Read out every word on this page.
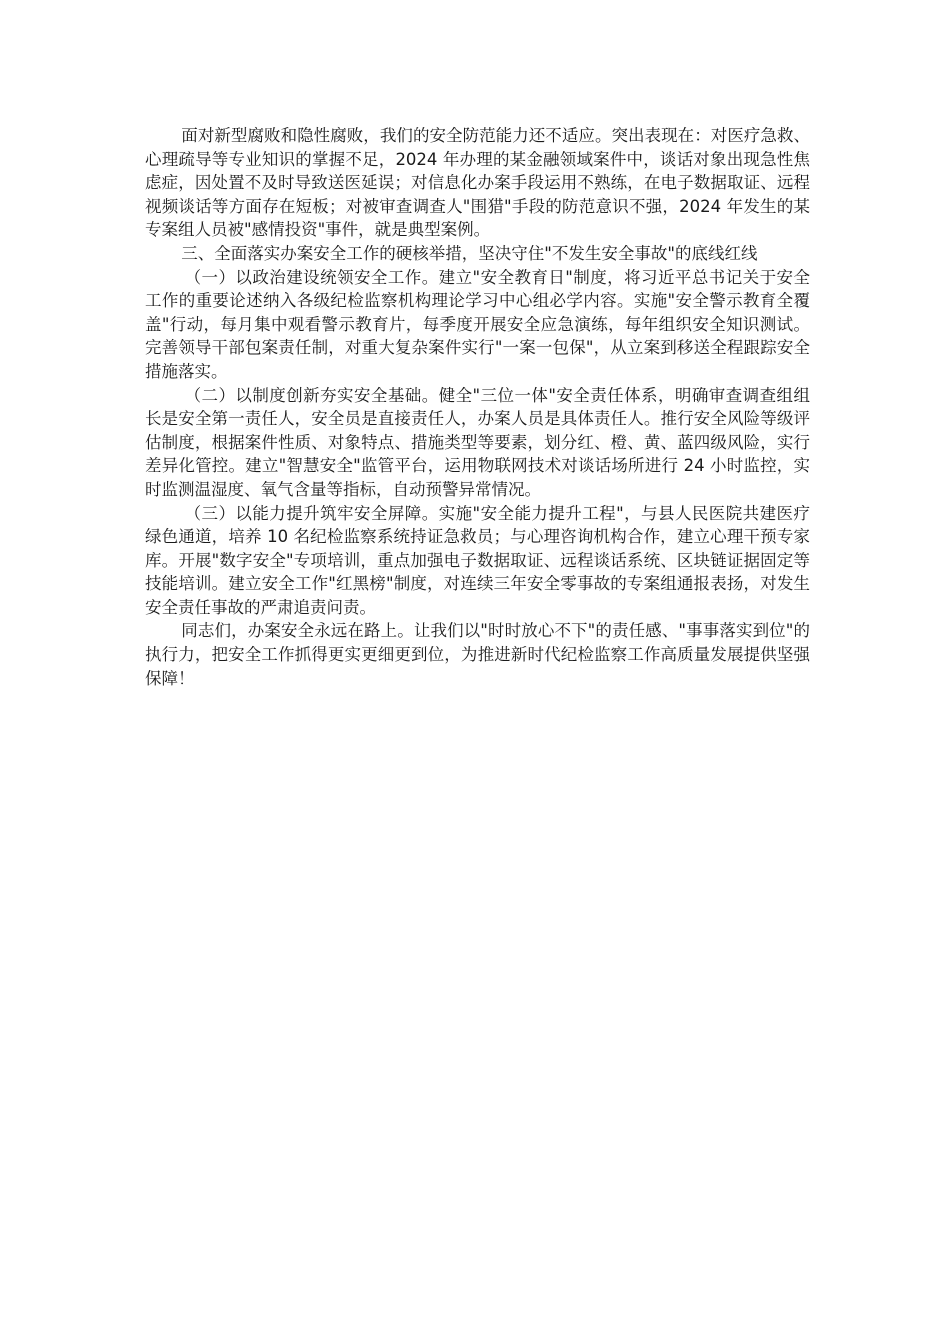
面对新型腐败和隐性腐败，我们的安全防范能力还不适应。突出表现在：对医疗急救、心理疏导等专业知识的掌握不足，2024 年办理的某金融领域案件中，谈话对象出现急性焦虑症，因处置不及时导致送医延误；对信息化办案手段运用不熟练，在电子数据取证、远程视频谈话等方面存在短板；对被审查调查人"围猎"手段的防范意识不强，2024 年发生的某专案组人员被"感情投资"事件，就是典型案例。

三、全面落实办案安全工作的硬核举措，坚决守住"不发生安全事故"的底线红线

（一）以政治建设统领安全工作。建立"安全教育日"制度，将习近平总书记关于安全工作的重要论述纳入各级纪检监察机构理论学习中心组必学内容。实施"安全警示教育全覆盖"行动，每月集中观看警示教育片，每季度开展安全应急演练，每年组织安全知识测试。完善领导干部包案责任制，对重大复杂案件实行"一案一包保"，从立案到移送全程跟踪安全措施落实。

（二）以制度创新夯实安全基础。健全"三位一体"安全责任体系，明确审查调查组组长是安全第一责任人，安全员是直接责任人，办案人员是具体责任人。推行安全风险等级评估制度，根据案件性质、对象特点、措施类型等要素，划分红、橙、黄、蓝四级风险，实行差异化管控。建立"智慧安全"监管平台，运用物联网技术对谈话场所进行 24 小时监控，实时监测温湿度、氧气含量等指标，自动预警异常情况。

（三）以能力提升筑牢安全屏障。实施"安全能力提升工程"，与县人民医院共建医疗绿色通道，培养 10 名纪检监察系统持证急救员；与心理咨询机构合作，建立心理干预专家库。开展"数字安全"专项培训，重点加强电子数据取证、远程谈话系统、区块链证据固定等技能培训。建立安全工作"红黑榜"制度，对连续三年安全零事故的专案组通报表扬，对发生安全责任事故的严肃追责问责。

同志们，办案安全永远在路上。让我们以"时时放心不下"的责任感、"事事落实到位"的执行力，把安全工作抓得更实更细更到位，为推进新时代纪检监察工作高质量发展提供坚强保障！
